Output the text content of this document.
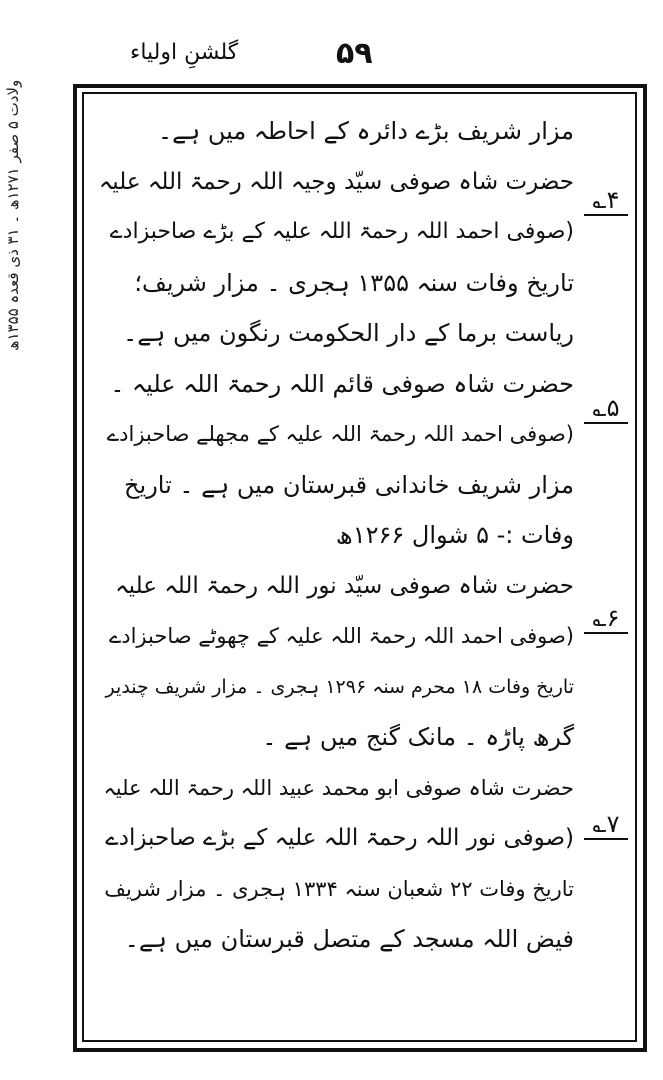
گلشنِ اولیاء	۵۹
ولادت ۵ صفر ۱۲۷۱ھ ۔ ۳۱ ذی قعدہ ۱۳۵۵ھ
۴؎
۵؎
۶؎
۷؎
مزار شریف بڑے دائرہ کے احاطہ میں ہے۔
حضرت شاہ صوفی سیّد وجیہ اللہ رحمۃ اللہ علیہ
(صوفی احمد اللہ رحمۃ اللہ علیہ کے بڑے صاحبزادے
تاریخ وفات سنہ ۱۳۵۵ ہجری ۔ مزار شریف؛
ریاست برما کے دار الحکومت رنگون میں ہے۔
حضرت شاہ صوفی قائم اللہ رحمۃ اللہ علیہ ۔
(صوفی احمد اللہ رحمۃ اللہ علیہ کے مجھلے صاحبزادے
مزار شریف خاندانی قبرستان میں ہے ۔ تاریخ
وفات :- ۵ شوال ۱۲۶۶ھ
حضرت شاہ صوفی سیّد نور اللہ رحمۃ اللہ علیہ
(صوفی احمد اللہ رحمۃ اللہ علیہ کے چھوٹے صاحبزادے
تاریخ وفات ۱۸ محرم سنہ ۱۲۹۶ ہجری ۔ مزار شریف چندیر
گرھ پاڑہ ۔ مانک گنج میں ہے ۔
حضرت شاہ صوفی ابو محمد عبید اللہ رحمۃ اللہ علیہ
(صوفی نور اللہ رحمۃ اللہ علیہ کے بڑے صاحبزادے
تاریخ وفات ۲۲ شعبان سنہ ۱۳۳۴ ہجری ۔ مزار شریف
فیض اللہ مسجد کے متصل قبرستان میں ہے۔
